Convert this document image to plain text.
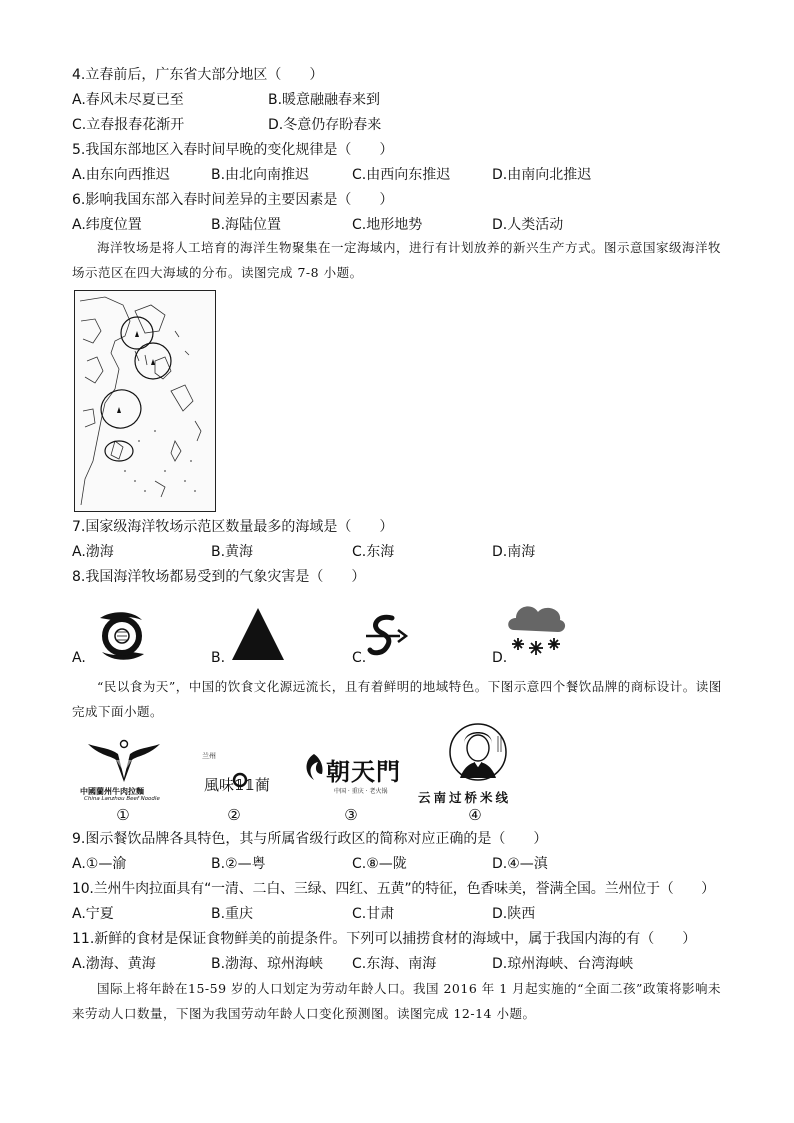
4.立春前后，广东省大部分地区（　　）
A.春风未尽夏已至	B.暖意融融春来到
C.立春报春花渐开	D.冬意仍存盼春来
5.我国东部地区入春时间早晚的变化规律是（　　）
A.由东向西推迟	B.由北向南推迟	C.由西向东推迟	D.由南向北推迟
6.影响我国东部入春时间差异的主要因素是（　　）
A.纬度位置	B.海陆位置	C.地形地势	D.人类活动
海洋牧场是将人工培育的海洋生物聚集在一定海域内，进行有计划放养的新兴生产方式。图示意国家级海洋牧场示范区在四大海域的分布。读图完成 7-8 小题。
7.国家级海洋牧场示范区数量最多的海域是（　　）
A.渤海	B.黄海	C.东海	D.南海
8.我国海洋牧场都易受到的气象灾害是（　　）
A.	B.	C.	D.
“民以食为天”，中国的饮食文化源远流长，且有着鲜明的地域特色。下图示意四个餐饮品牌的商标设计。读图完成下面小题。
中國蘭州牛肉拉麵
China Lanzhou Beef Noodle
兰州
風味𝟙𝟙蔺 朝天門
中国 · 重庆 · 老火锅 云南过桥米线
①	②	③	④
9.图示餐饮品牌各具特色，其与所属省级行政区的简称对应正确的是（　　）
A.①—渝	B.②—粤	C.⑧—陇	D.④—滇
10.兰州牛肉拉面具有“一清、二白、三绿、四红、五黄”的特征，色香味美，誉满全国。兰州位于（　　）
A.宁夏	B.重庆	C.甘肃	D.陕西
11.新鲜的食材是保证食物鲜美的前提条件。下列可以捕捞食材的海域中，属于我国内海的有（　　）
A.渤海、黄海	B.渤海、琼州海峡 C.东海、南海	D.琼州海峡、台湾海峡
国际上将年龄在15-59 岁的人口划定为劳动年龄人口。我国 2016 年 1 月起实施的“全面二孩”政策将影响未来劳动人口数量，下图为我国劳动年龄人口变化预测图。读图完成 12-14 小题。
